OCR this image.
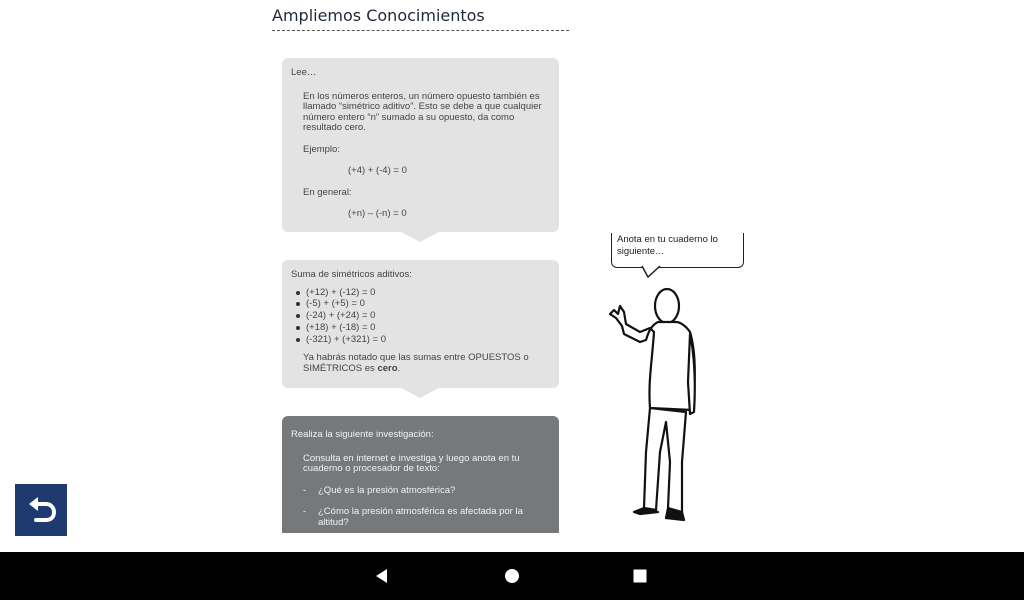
Ampliemos Conocimientos

Lee…

En los números enteros, un número opuesto también es llamado “simétrico aditivo”. Esto se debe a que cualquier número entero “n” sumado a su opuesto, da como resultado cero.

Ejemplo:

(+4) + (-4) = 0

En general:

(+n) – (-n) = 0

Suma de simétricos aditivos:

(+12) + (-12) = 0
(-5) + (+5) = 0
(-24) + (+24) = 0
(+18) + (-18) = 0
(-321) + (+321) = 0

Ya habrás notado que las sumas entre OPUESTOS o SIMÉTRICOS es cero.

Realiza la siguiente investigación:

Consulta en internet e investiga y luego anota en tu cuaderno o procesador de texto:

- ¿Qué es la presión atmosférica?

- ¿Cómo la presión atmosférica es afectada por la altitud?

Anota en tu cuaderno lo siguiente…
